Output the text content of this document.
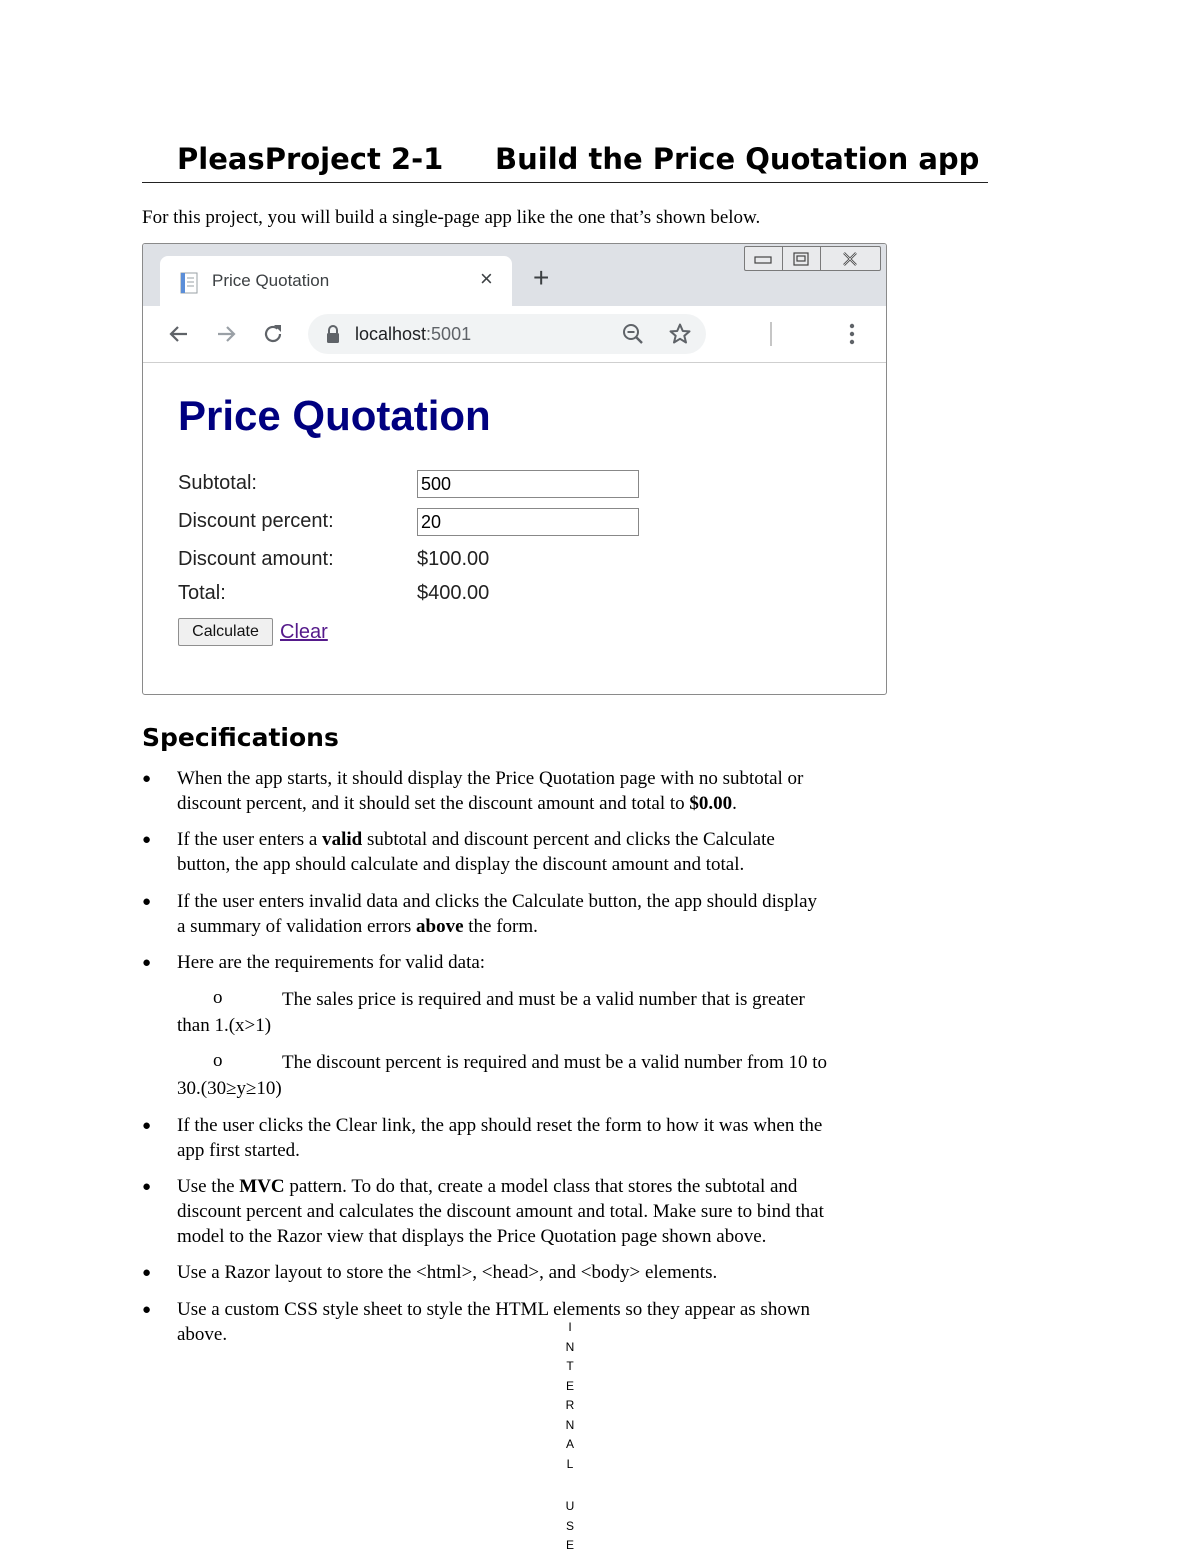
PleasProject 2-1 Build the Price Quotation app
For this project, you will build a single-page app like the one that’s shown below.
Price Quotation	× +
localhost:5001
Price Quotation
Subtotal:
500
Discount percent:
20
Discount amount:	$100.00
Total:	$400.00
Calculate	Clear
Specifications
● When the app starts, it should display the Price Quotation page with no subtotal or
discount percent, and it should set the discount amount and total to $0.00.
● If the user enters a valid subtotal and discount percent and clicks the Calculate
button, the app should calculate and display the discount amount and total.
● If the user enters invalid data and clicks the Calculate button, the app should display
a summary of validation errors above the form.
● Here are the requirements for valid data:
o	The sales price is required and must be a valid number that is greater
than 1.(x>1)
o	The discount percent is required and must be a valid number from 10 to
30.(30≥y≥10)
● If the user clicks the Clear link, the app should reset the form to how it was when the
app first started.
● Use the MVC pattern. To do that, create a model class that stores the subtotal and
discount percent and calculates the discount amount and total. Make sure to bind that
model to the Razor view that displays the Price Quotation page shown above.
● Use a Razor layout to store the <html>, <head>, and <body> elements.
● Use a custom CSS style sheet to style the HTML elements so they appear as shown
above.	I
N
T
E
R
N
A
L
U
S
E
